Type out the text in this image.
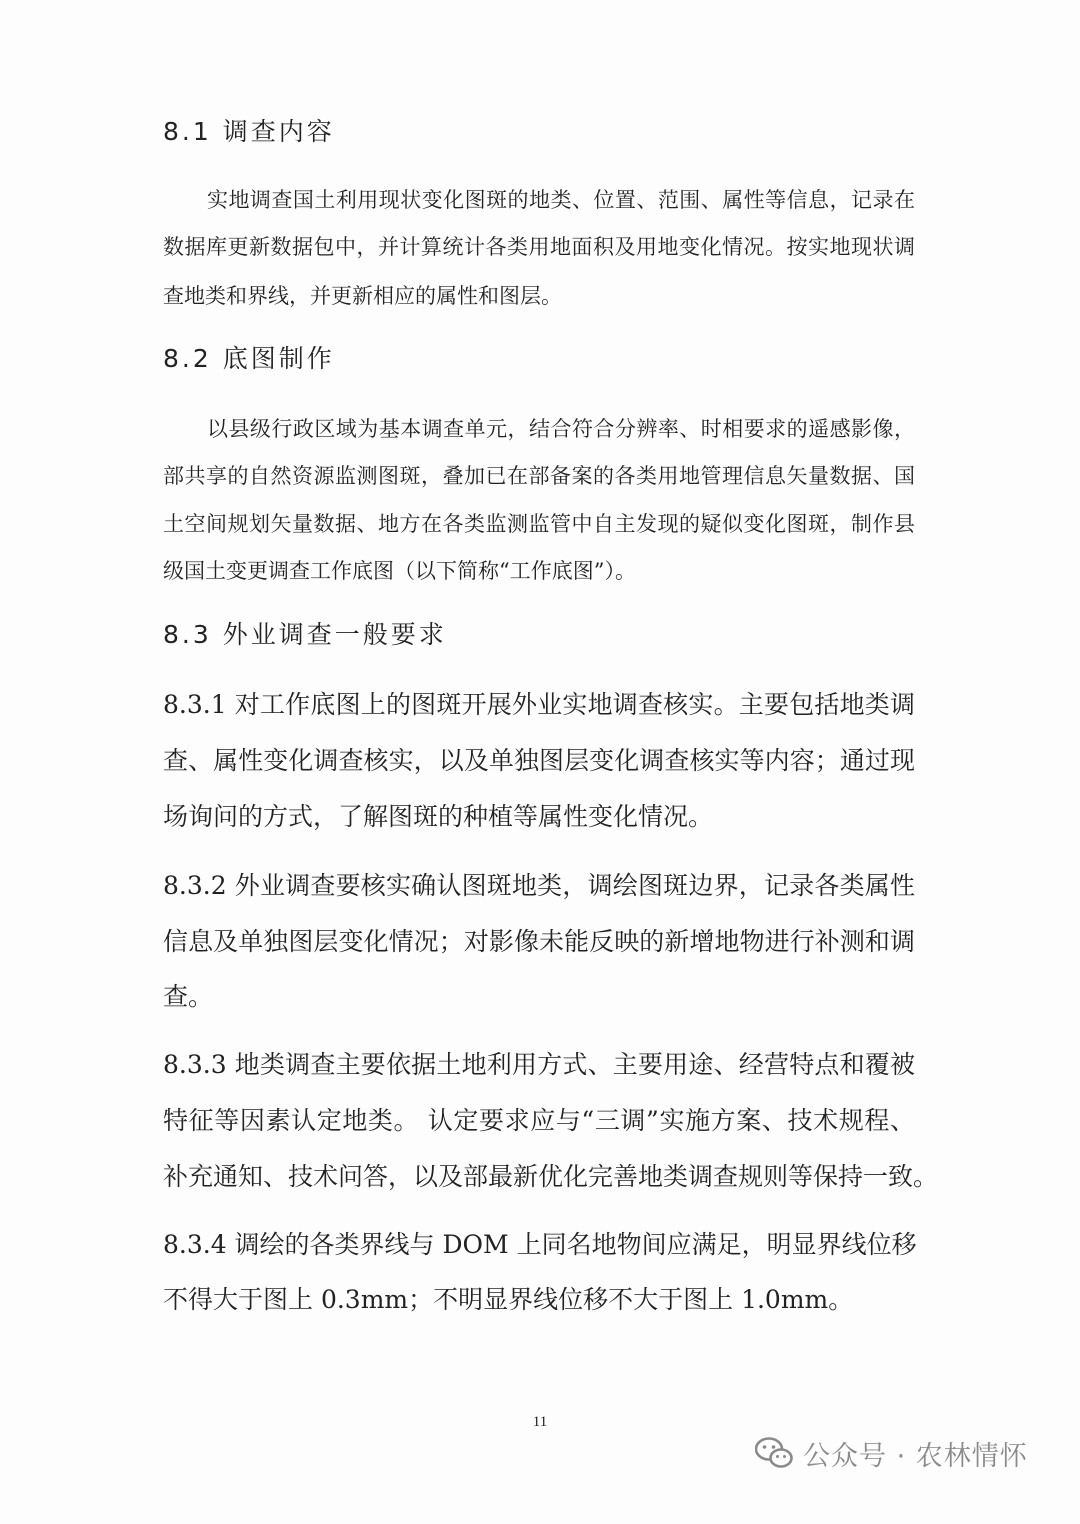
8.1 调查内容
实地调查国土利用现状变化图斑的地类、位置、范围、属性等信息，记录在
数据库更新数据包中，并计算统计各类用地面积及用地变化情况。按实地现状调
查地类和界线，并更新相应的属性和图层。
8.2 底图制作
以县级行政区域为基本调查单元，结合符合分辨率、时相要求的遥感影像，
部共享的自然资源监测图斑，叠加已在部备案的各类用地管理信息矢量数据、国
土空间规划矢量数据、地方在各类监测监管中自主发现的疑似变化图斑，制作县
级国土变更调查工作底图（以下简称“工作底图”）。
8.3 外业调查一般要求
8.3.1 对工作底图上的图斑开展外业实地调查核实。主要包括地类调
查、属性变化调查核实，以及单独图层变化调查核实等内容；通过现
场询问的方式，了解图斑的种植等属性变化情况。
8.3.2 外业调查要核实确认图斑地类，调绘图斑边界，记录各类属性
信息及单独图层变化情况；对影像未能反映的新增地物进行补测和调
查。
8.3.3 地类调查主要依据土地利用方式、主要用途、经营特点和覆被
特征等因素认定地类。 认定要求应与“三调”实施方案、技术规程、
补充通知、技术问答，以及部最新优化完善地类调查规则等保持一致。
8.3.4 调绘的各类界线与 DOM 上同名地物间应满足，明显界线位移
不得大于图上 0.3mm；不明显界线位移不大于图上 1.0mm。
11
公众号 · 农林情怀
